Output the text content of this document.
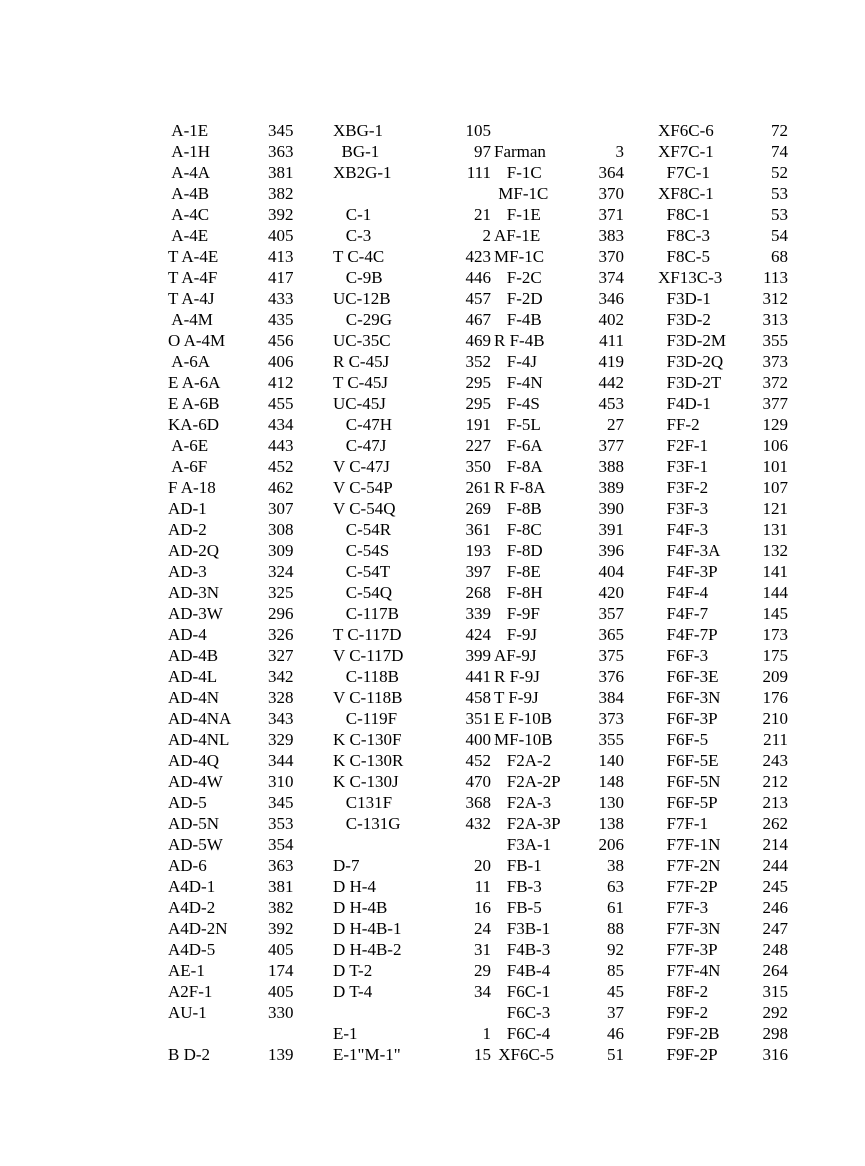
A-1E	345
A-1H	363
A-4A	381
A-4B	382
A-4C	392
A-4E	405
T A-4E	413
T A-4F	417
T A-4J	433
A-4M	435
O A-4M	456
A-6A	406
E A-6A	412
E A-6B	455
KA-6D	434
A-6E	443
A-6F	452
F A-18	462
AD-1	307
AD-2	308
AD-2Q	309
AD-3	324
AD-3N	325
AD-3W	296
AD-4	326
AD-4B	327
AD-4L	342
AD-4N	328
AD-4NA 343
AD-4NL 329
AD-4Q	344
AD-4W	310
AD-5	345
AD-5N	353
AD-5W	354
AD-6	363
A4D-1	381
A4D-2	382
A4D-2N 392
A4D-5	405
AE-1	174
A2F-1	405
AU-1	330
B D-2	139
XBG-1	105
BG-1	97
XB2G-1	111
C-1	21
C-3	2
T C-4C	423
C-9B	446
UC-12B	457
C-29G	467
UC-35C	469
R C-45J	352
T C-45J	295
UC-45J	295
C-47H	191
C-47J	227
V C-47J	350
V C-54P	261
V C-54Q	269
C-54R	361
C-54S	193
C-54T	397
C-54Q	268
C-117B	339
T C-117D	424
V C-117D	399
C-118B	441
V C-118B	458
C-119F	351
K C-130F	400
K C-130R	452
K C-130J	470
C131F	368
C-131G	432
D-7	20
D H-4	11
D H-4B	16
D H-4B-1	24
D H-4B-2	31
D T-2	29
D T-4	34
E-1	1
E-1"M-1"	15
Farman	3
F-1C	364
MF-1C	370
F-1E	371
AF-1E	383
MF-1C	370
F-2C	374
F-2D	346
F-4B	402
R F-4B	411
F-4J	419
F-4N	442
F-4S	453
F-5L	27
F-6A	377
F-8A	388
R F-8A	389
F-8B	390
F-8C	391
F-8D	396
F-8E	404
F-8H	420
F-9F	357
F-9J	365
AF-9J	375
R F-9J	376
T F-9J	384
E F-10B	373
MF-10B	355
F2A-2	140
F2A-2P	148
F2A-3	130
F2A-3P	138
F3A-1	206
FB-1	38
FB-3	63
FB-5	61
F3B-1	88
F4B-3	92
F4B-4	85
F6C-1	45
F6C-3	37
F6C-4	46
XF6C-5	51
XF6C-6	72
XF7C-1	74
F7C-1	52
XF8C-1	53
F8C-1	53
F8C-3	54
F8C-5	68
XF13C-3	113
F3D-1	312
F3D-2	313
F3D-2M	355
F3D-2Q	373
F3D-2T	372
F4D-1	377
FF-2	129
F2F-1	106
F3F-1	101
F3F-2	107
F3F-3	121
F4F-3	131
F4F-3A	132
F4F-3P	141
F4F-4	144
F4F-7	145
F4F-7P	173
F6F-3	175
F6F-3E	209
F6F-3N	176
F6F-3P	210
F6F-5	211
F6F-5E	243
F6F-5N	212
F6F-5P	213
F7F-1	262
F7F-1N	214
F7F-2N	244
F7F-2P	245
F7F-3	246
F7F-3N	247
F7F-3P	248
F7F-4N	264
F8F-2	315
F9F-2	292
F9F-2B	298
F9F-2P	316
